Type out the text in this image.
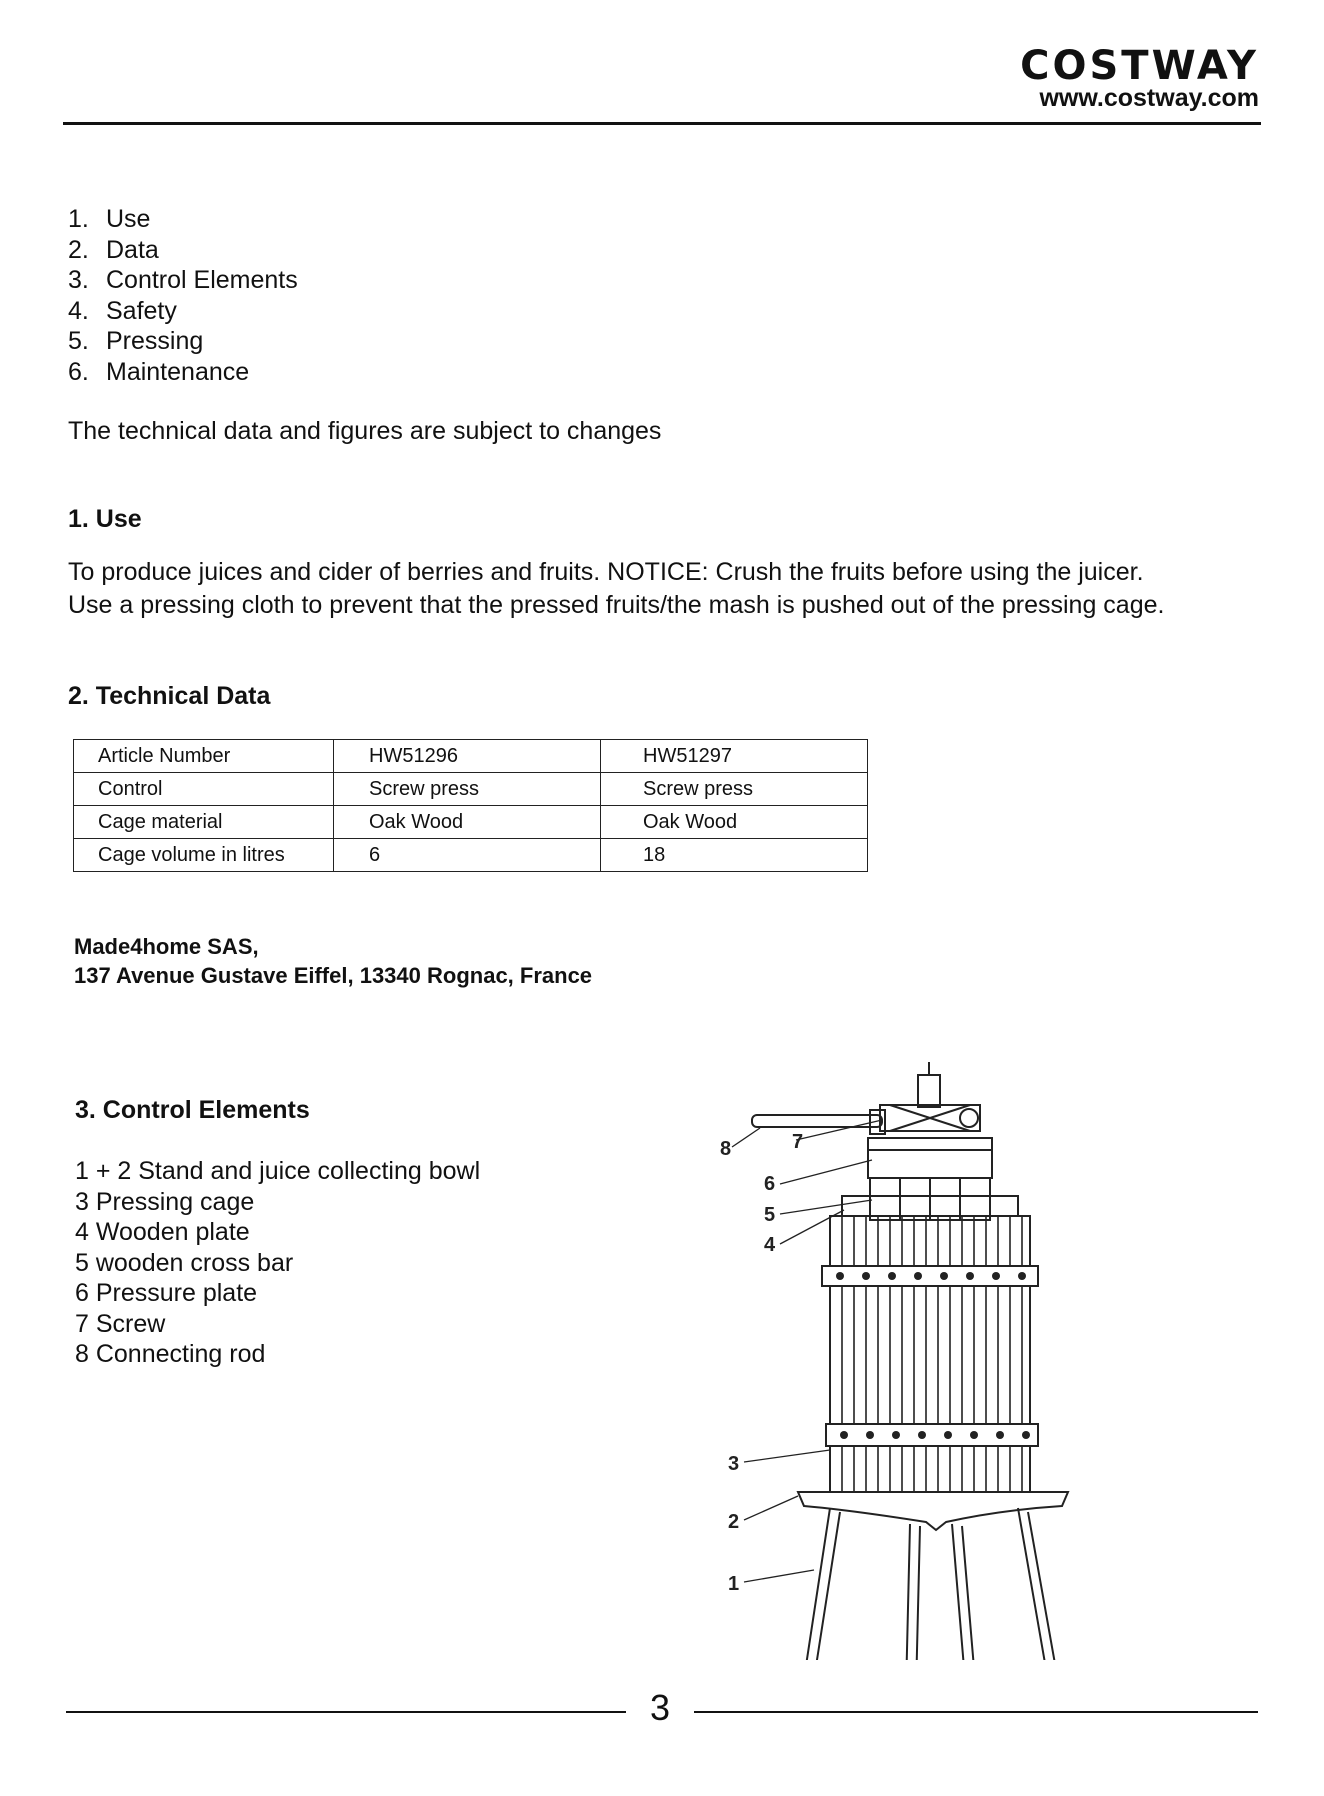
COSTWAY
www.costway.com
1. Use
2. Data
3. Control Elements
4. Safety
5. Pressing
6. Maintenance
The technical data and figures are subject to changes
1. Use

To produce juices and cider of berries and fruits. NOTICE: Crush the fruits before using the juicer. Use a pressing cloth to prevent that the pressed fruits/the mash is pushed out of the pressing cage.

2. Technical Data
Article Number	HW51296	HW51297
Control	Screw press	Screw press
Cage material	Oak Wood	Oak Wood
Cage volume in litres	6	18
Made4home SAS,
137 Avenue Gustave Eiffel, 13340 Rognac, France
3. Control Elements
1 + 2 Stand and juice collecting bowl
3 Pressing cage
4 Wooden plate
5 wooden cross bar
6 Pressure plate
7 Screw
8 Connecting rod
8	7
6
5
4
3
2
1
3
